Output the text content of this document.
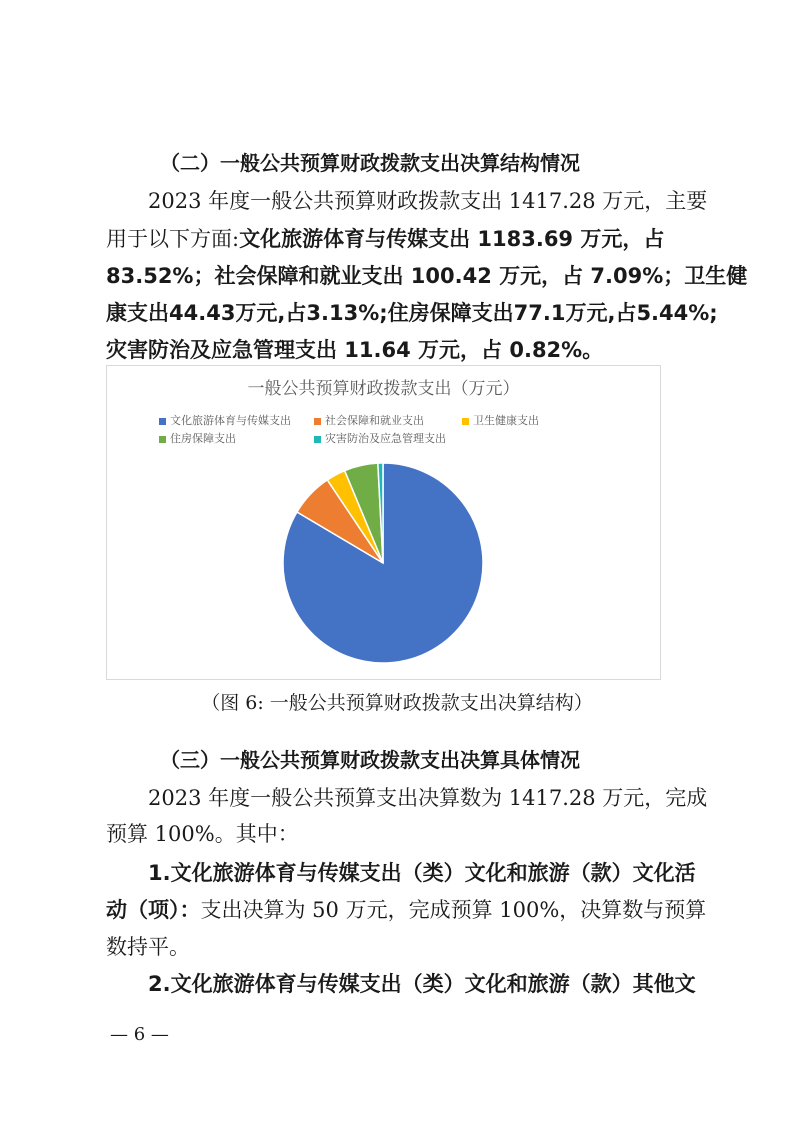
（二）一般公共预算财政拨款支出决算结构情况
2023 年度一般公共预算财政拨款支出 1417.28 万元，主要
用于以下方面:文化旅游体育与传媒支出 1183.69 万元，占
83.52%；社会保障和就业支出 100.42 万元，占 7.09%；卫生健
康支出44.43万元,占3.13%;住房保障支出77.1万元,占5.44%;
灾害防治及应急管理支出 11.64 万元，占 0.82%。
一般公共预算财政拨款支出（万元）
文化旅游体育与传媒支出	社会保障和就业支出	卫生健康支出
住房保障支出	灾害防治及应急管理支出
（图 6: 一般公共预算财政拨款支出决算结构）
（三）一般公共预算财政拨款支出决算具体情况
2023 年度一般公共预算支出决算数为 1417.28 万元，完成
预算 100%。其中：
1.文化旅游体育与传媒支出（类）文化和旅游（款）文化活
动（项）：支出决算为 50 万元，完成预算 100%，决算数与预算
数持平。
2.文化旅游体育与传媒支出（类）文化和旅游（款）其他文
— 6 —
